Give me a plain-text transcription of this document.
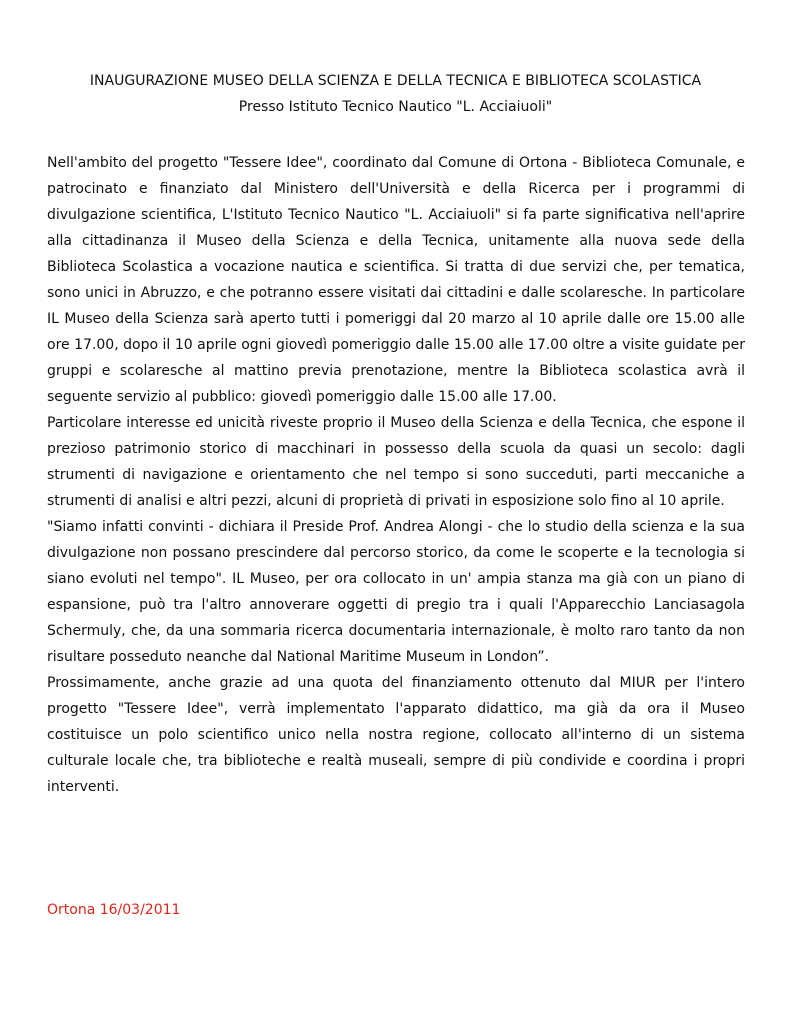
INAUGURAZIONE MUSEO DELLA SCIENZA E DELLA TECNICA E BIBLIOTECA SCOLASTICA
Presso Istituto Tecnico Nautico "L. Acciaiuoli"

Nell'ambito del progetto "Tessere Idee", coordinato dal Comune di Ortona - Biblioteca Comunale, e patrocinato e finanziato dal Ministero dell'Università e della Ricerca per i programmi di divulgazione scientifica, L'Istituto Tecnico Nautico "L. Acciaiuoli" si fa parte significativa nell'aprire alla cittadinanza il Museo della Scienza e della Tecnica, unitamente alla nuova sede della Biblioteca Scolastica a vocazione nautica e scientifica. Si tratta di due servizi che, per tematica, sono unici in Abruzzo, e che potranno essere visitati dai cittadini e dalle scolaresche. In particolare IL Museo della Scienza sarà aperto tutti i pomeriggi dal 20 marzo al 10 aprile dalle ore 15.00 alle ore 17.00, dopo il 10 aprile ogni giovedì pomeriggio dalle 15.00 alle 17.00 oltre a visite guidate per gruppi e scolaresche al mattino previa prenotazione, mentre la Biblioteca scolastica avrà il seguente servizio al pubblico: giovedì pomeriggio dalle 15.00 alle 17.00.

Particolare interesse ed unicità riveste proprio il Museo della Scienza e della Tecnica, che espone il prezioso patrimonio storico di macchinari in possesso della scuola da quasi un secolo: dagli strumenti di navigazione e orientamento che nel tempo si sono succeduti, parti meccaniche a strumenti di analisi e altri pezzi, alcuni di proprietà di privati in esposizione solo fino al 10 aprile.

"Siamo infatti convinti - dichiara il Preside Prof. Andrea Alongi - che lo studio della scienza e la sua divulgazione non possano prescindere dal percorso storico, da come le scoperte e la tecnologia si siano evoluti nel tempo". IL Museo, per ora collocato in un' ampia stanza ma già con un piano di espansione, può tra l'altro annoverare oggetti di pregio tra i quali l'Apparecchio Lanciasagola Schermuly, che, da una sommaria ricerca documentaria internazionale, è molto raro tanto da non risultare posseduto neanche dal National Maritime Museum in London”.

Prossimamente, anche grazie ad una quota del finanziamento ottenuto dal MIUR per l'intero progetto "Tessere Idee", verrà implementato l'apparato didattico, ma già da ora il Museo costituisce un polo scientifico unico nella nostra regione, collocato all'interno di un sistema culturale locale che, tra biblioteche e realtà museali, sempre di più condivide e coordina i propri interventi.

Ortona 16/03/2011
